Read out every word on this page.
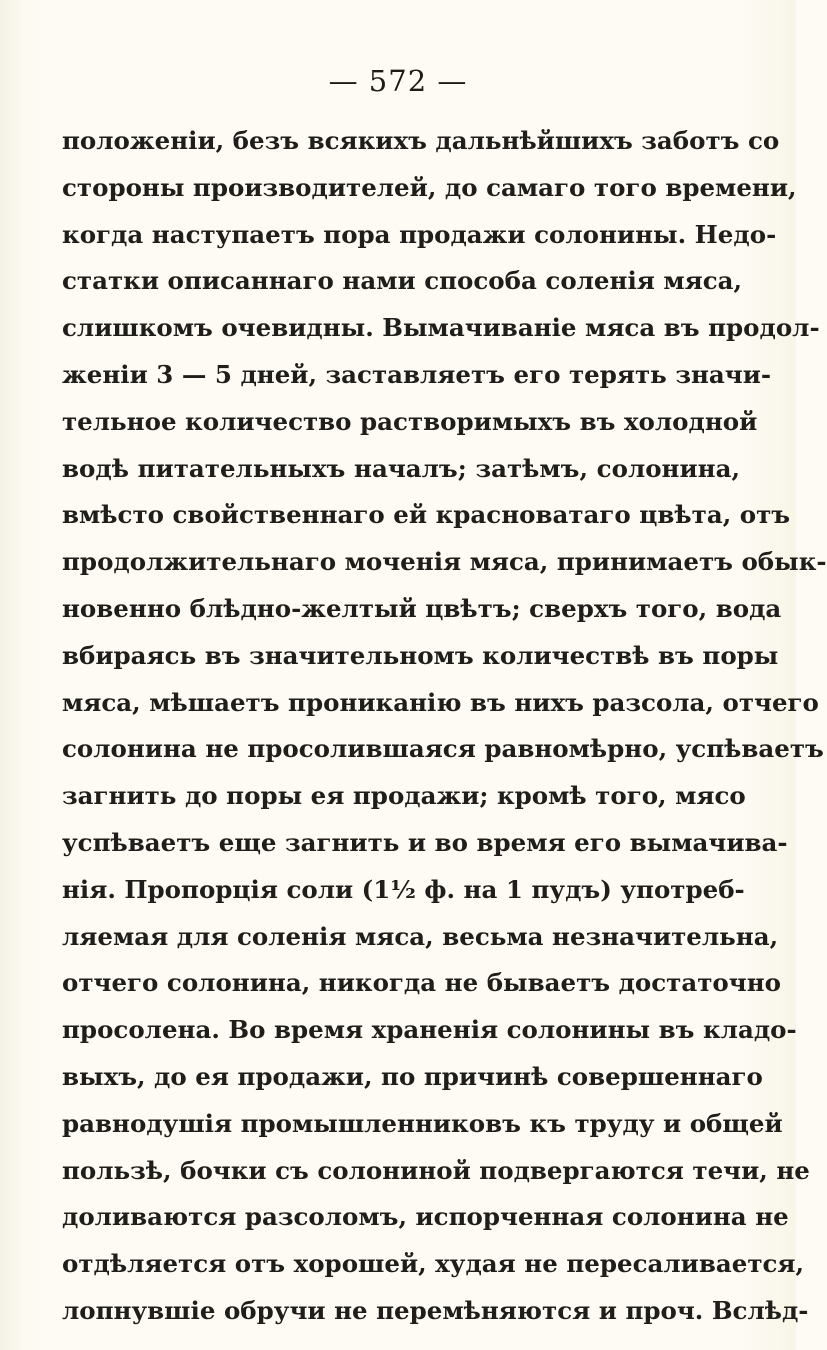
— 572 —
положеніи, безъ всякихъ дальнѣйшихъ заботъ со
стороны производителей, до самаго того времени,
когда наступаетъ пора продажи солонины. Недо-
статки описаннаго нами способа соленія мяса,
слишкомъ очевидны. Вымачиваніе мяса въ продол-
женіи 3 — 5 дней, заставляетъ его терять значи-
тельное количество растворимыхъ въ холодной
водѣ питательныхъ началъ; затѣмъ, солонина,
вмѣсто свойственнаго ей красноватаго цвѣта, отъ
продолжительнаго моченія мяса, принимаетъ обык-
новенно блѣдно-желтый цвѣтъ; сверхъ того, вода
вбираясь въ значительномъ количествѣ въ поры
мяса, мѣшаетъ проникані​ю въ нихъ разсола, отчего
солонина не просолившаяся равномѣрно, успѣваетъ
загнить до поры ея продажи; кромѣ того, мясо
успѣваетъ еще загнить и во время его вымачива-
нія. Пропорція соли (1½ ф. на 1 пудъ) употреб-
ляемая для соленія мяса, весьма незначительна,
отчего солонина, никогда не бываетъ достаточно
просолена. Во время храненія солонины въ кладо-
выхъ, до ея продажи, по причинѣ совершеннаго
равнодушія промышленниковъ къ труду и общей
пользѣ, бочки съ солониной подвергаются течи, не
доливаются разсоломъ, испорченная солонина не
отдѣляется отъ хорошей, худая не пересаливается,
лопнувшіе обручи не перемѣняются и проч. Вслѣд-
